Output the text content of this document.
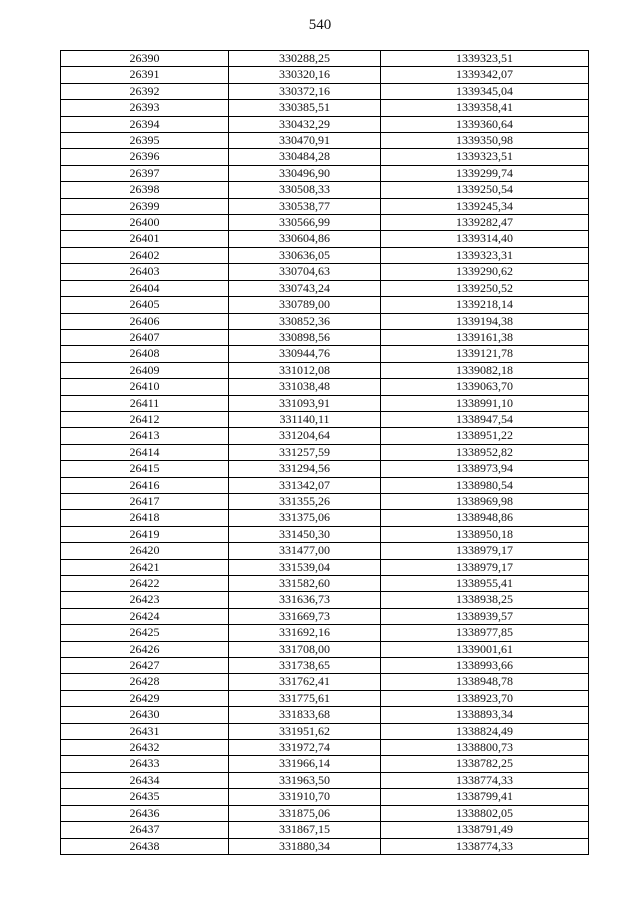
540
26390	330288,25	1339323,51
26391	330320,16	1339342,07
26392	330372,16	1339345,04
26393	330385,51	1339358,41
26394	330432,29	1339360,64
26395	330470,91	1339350,98
26396	330484,28	1339323,51
26397	330496,90	1339299,74
26398	330508,33	1339250,54
26399	330538,77	1339245,34
26400	330566,99	1339282,47
26401	330604,86	1339314,40
26402	330636,05	1339323,31
26403	330704,63	1339290,62
26404	330743,24	1339250,52
26405	330789,00	1339218,14
26406	330852,36	1339194,38
26407	330898,56	1339161,38
26408	330944,76	1339121,78
26409	331012,08	1339082,18
26410	331038,48	1339063,70
26411	331093,91	1338991,10
26412	331140,11	1338947,54
26413	331204,64	1338951,22
26414	331257,59	1338952,82
26415	331294,56	1338973,94
26416	331342,07	1338980,54
26417	331355,26	1338969,98
26418	331375,06	1338948,86
26419	331450,30	1338950,18
26420	331477,00	1338979,17
26421	331539,04	1338979,17
26422	331582,60	1338955,41
26423	331636,73	1338938,25
26424	331669,73	1338939,57
26425	331692,16	1338977,85
26426	331708,00	1339001,61
26427	331738,65	1338993,66
26428	331762,41	1338948,78
26429	331775,61	1338923,70
26430	331833,68	1338893,34
26431	331951,62	1338824,49
26432	331972,74	1338800,73
26433	331966,14	1338782,25
26434	331963,50	1338774,33
26435	331910,70	1338799,41
26436	331875,06	1338802,05
26437	331867,15	1338791,49
26438	331880,34	1338774,33
